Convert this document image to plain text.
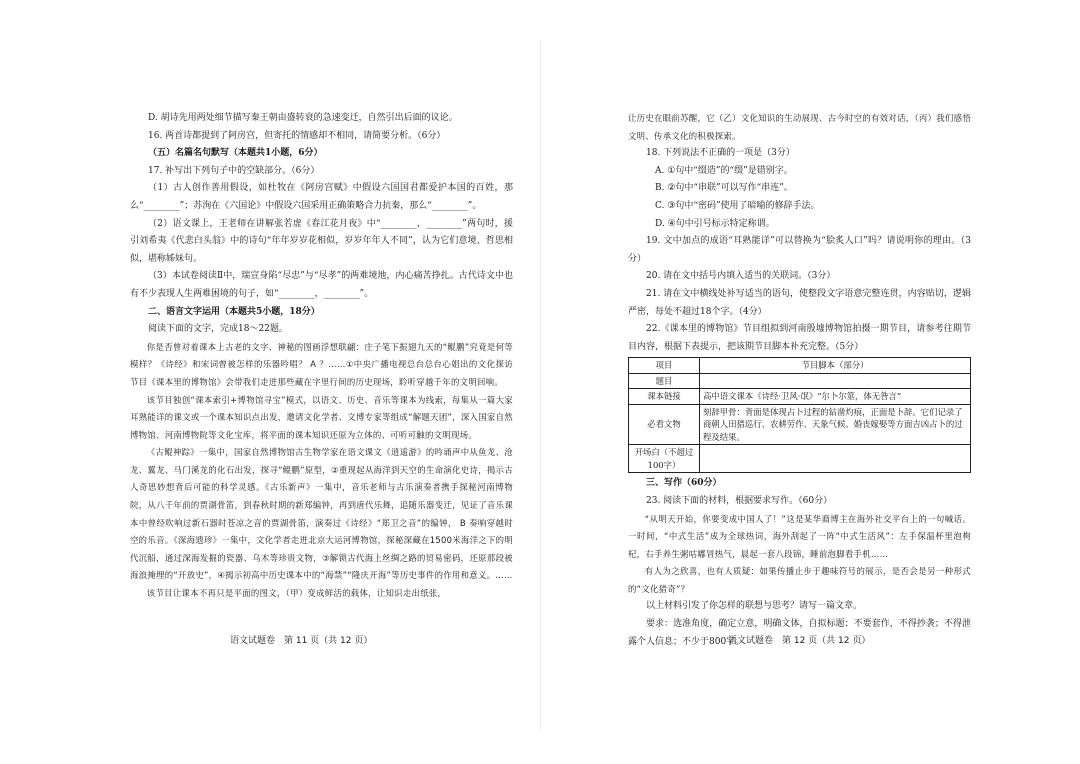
D. 胡诗先用两处细节描写秦王朝由盛转衰的急速变迁，自然引出后面的议论。

16. 两首诗都提到了阿房宫，但寄托的情感却不相同，请简要分析。（6分）

（五）名篇名句默写（本题共1小题，6分）

17. 补写出下列句子中的空缺部分。（6分）

（1）古人创作善用假设，如杜牧在《阿房宫赋》中假设六国国君都爱护本国的百姓，那么“________”；苏洵在《六国论》中假设六国采用正确策略合力抗秦，那么“________”。

（2）语文课上，王老师在讲解张若虚《春江花月夜》中“________，________”两句时，援引刘希夷《代悲白头翁》中的诗句“年年岁岁花相似，岁岁年年人不同”，认为它们意境、哲思相似，堪称姊妹句。

（3）本试卷阅读Ⅱ中，瑞宣身陷“尽忠”与“尽孝”的两难境地，内心痛苦挣扎。古代诗文中也有不少表现人生两难困境的句子，如“________，________”。

二、语言文字运用（本题共5小题，18分）

阅读下面的文字，完成18～22题。

你是否曾对着课本上古老的文字、神秘的图画浮想联翩：庄子笔下振翅九天的“鲲鹏”究竟是何等模样？《诗经》和宋词曾被怎样的乐器吟唱？ A ？……①中央广播电视总台总台心姐出的文化探访节目《课本里的博物馆》会带我们走进那些藏在字里行间的历史现场，聆听穿越千年的文明回响。

该节目独创“课本索引+博物馆寻宝”模式，以语文、历史、音乐等课本为线索，每集从一篇大家耳熟能详的课文或一个课本知识点出发，邀请文化学者、文博专家等组成“解题天团”，深入国家自然博物馆、河南博物院等文化宝库，将平面的课本知识还原为立体的、可听可触的文明现场。

《古鲲神踪》一集中，国家自然博物馆古生物学家在语文课文《逍遥游》的吟诵声中从鱼龙、沧龙、翼龙、马门溪龙的化石出发，探寻“鲲鹏”原型，②重现起从海洋到天空的生命演化史诗，揭示古人奇思妙想背后可能的科学灵感。《古乐新声》一集中，音乐老师与古乐演奏者携手探秘河南博物院，从八千年前的贾湖骨笛，到春秋时期的新郑编钟，再到唐代乐舞，追随乐器变迁，见证了音乐课本中曾经吹响过新石器时苍凉之音的贾湖骨笛，演奏过《诗经》“郑卫之音”的编钟， B 奏响穿越时空的乐音。《深海遗珍》一集中，文化学者走进北京大运河博物馆，探秘深藏在1500米海洋之下的明代沉船，通过深海发掘的瓷器、乌木等珍贵文物，③解锁古代海上丝绸之路的贸易密码，还原那段被海浪掩埋的“开放史”，④揭示初高中历史课本中的“海禁”“隆庆开海”等历史事件的作用和意义。……

该节目让课本不再只是平面的图文，（甲）变成鲜活的载体，让知识走出纸张，

语文试题卷　第 11 页（共 12 页）

让历史在眼前苏醒，它（乙）文化知识的生动展现、古今时空的有效对话，（丙）我们感悟文明、传承文化的积极探索。

18. 下列说法不正确的一项是（3分）

A. ①句中“缀造”的“缀”是错别字。

B. ②句中“串联”可以写作“串连”。

C. ③句中“密码”使用了暗喻的修辞手法。

D. ④句中引号标示特定称谓。

19. 文中加点的成语“耳熟能详”可以替换为“脍炙人口”吗？请说明你的理由。（3分）

20. 请在文中括号内填入适当的关联词。（3分）

21. 请在文中横线处补写适当的语句，使整段文字语意完整连贯，内容贴切，逻辑严密，每处不超过18个字。（4分）

22.《课本里的博物馆》节目组拟到河南殷墟博物馆拍摄一期节目，请参考往期节目内容，根据下表提示，把该期节目脚本补充完整。（5分）

项目	节目脚本（部分）
题目	
课本链接	高中语文课本《诗经·卫风·氓》“尔卜尔筮，体无咎言”
必看文物	刻辞甲骨：背面是体现占卜过程的钻凿灼痕，正面是卜辞。它们记录了商朝人田猎巡行、农耕劳作、天象气候、婚丧嫁娶等方面吉凶占卜的过程及结果。
开场白（不超过100字）	

三、写作（60分）

23. 阅读下面的材料，根据要求写作。（60分）

“从明天开始，你要变成中国人了！”这是某华裔博主在海外社交平台上的一句喊话。一时间，“中式生活”成为全球热词，海外刮起了一阵“中式生活风”：左手保温杯里泡枸杞，右手养生粥咕嘟冒热气，晨起一套八段锦，睡前泡脚看手机……

有人为之欣喜，也有人质疑：如果传播止步于趣味符号的展示，是否会是另一种形式的“文化猎奇”？

以上材料引发了你怎样的联想与思考？请写一篇文章。

要求：选准角度，确定立意，明确文体，自拟标题；不要套作，不得抄袭；不得泄露个人信息；不少于800字。

语文试题卷　第 12 页（共 12 页）
